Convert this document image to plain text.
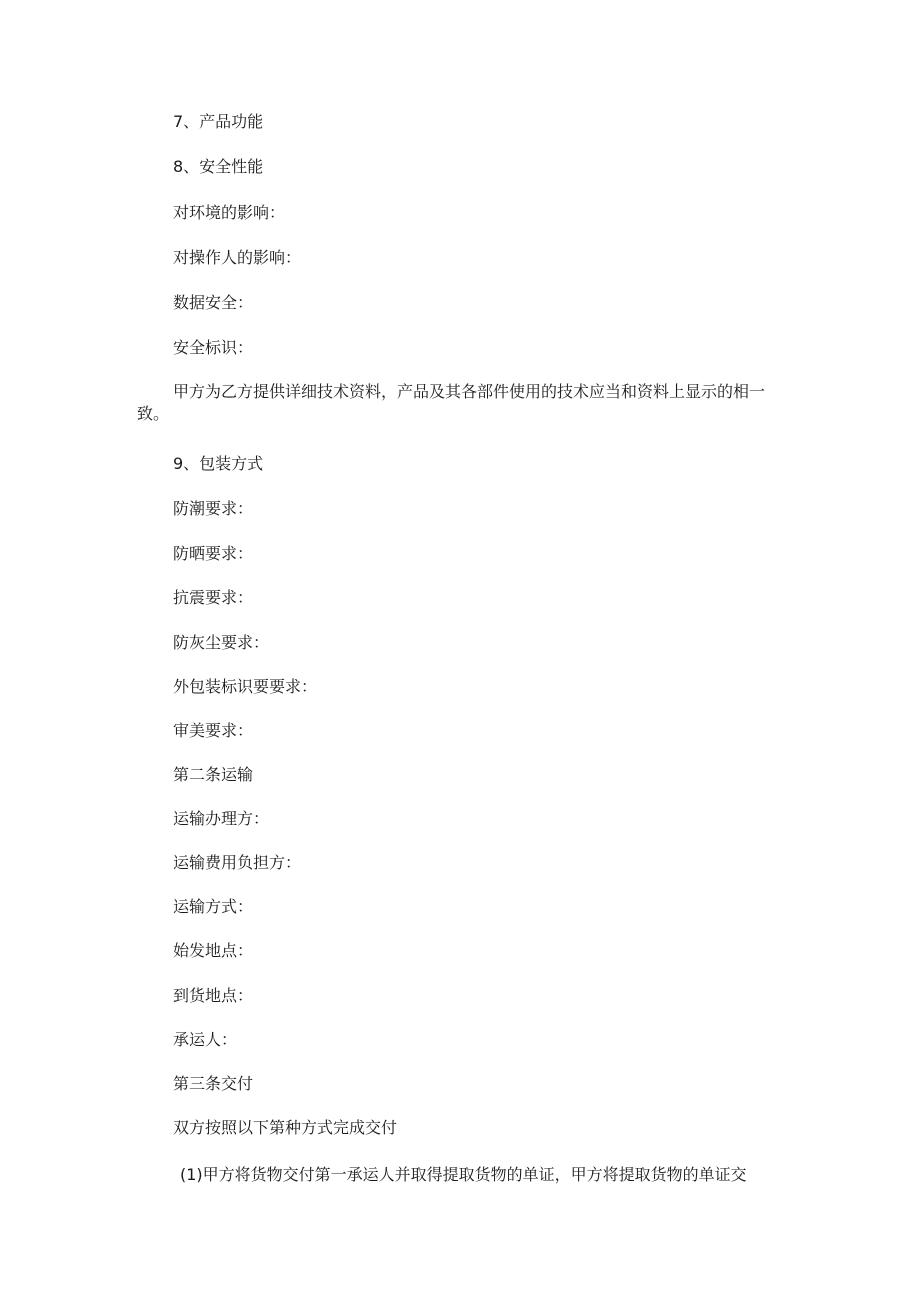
7、产品功能
8、安全性能
对环境的影响：
对操作人的影响：
数据安全：
安全标识：
甲方为乙方提供详细技术资料，产品及其各部件使用的技术应当和资料上显示的相一致。
9、包装方式
防潮要求：
防晒要求：
抗震要求：
防灰尘要求：
外包装标识要要求：
审美要求：
第二条运输
运输办理方：
运输费用负担方：
运输方式：
始发地点：
到货地点：
承运人：
第三条交付
双方按照以下第种方式完成交付
(1)甲方将货物交付第一承运人并取得提取货物的单证，甲方将提取货物的单证交
